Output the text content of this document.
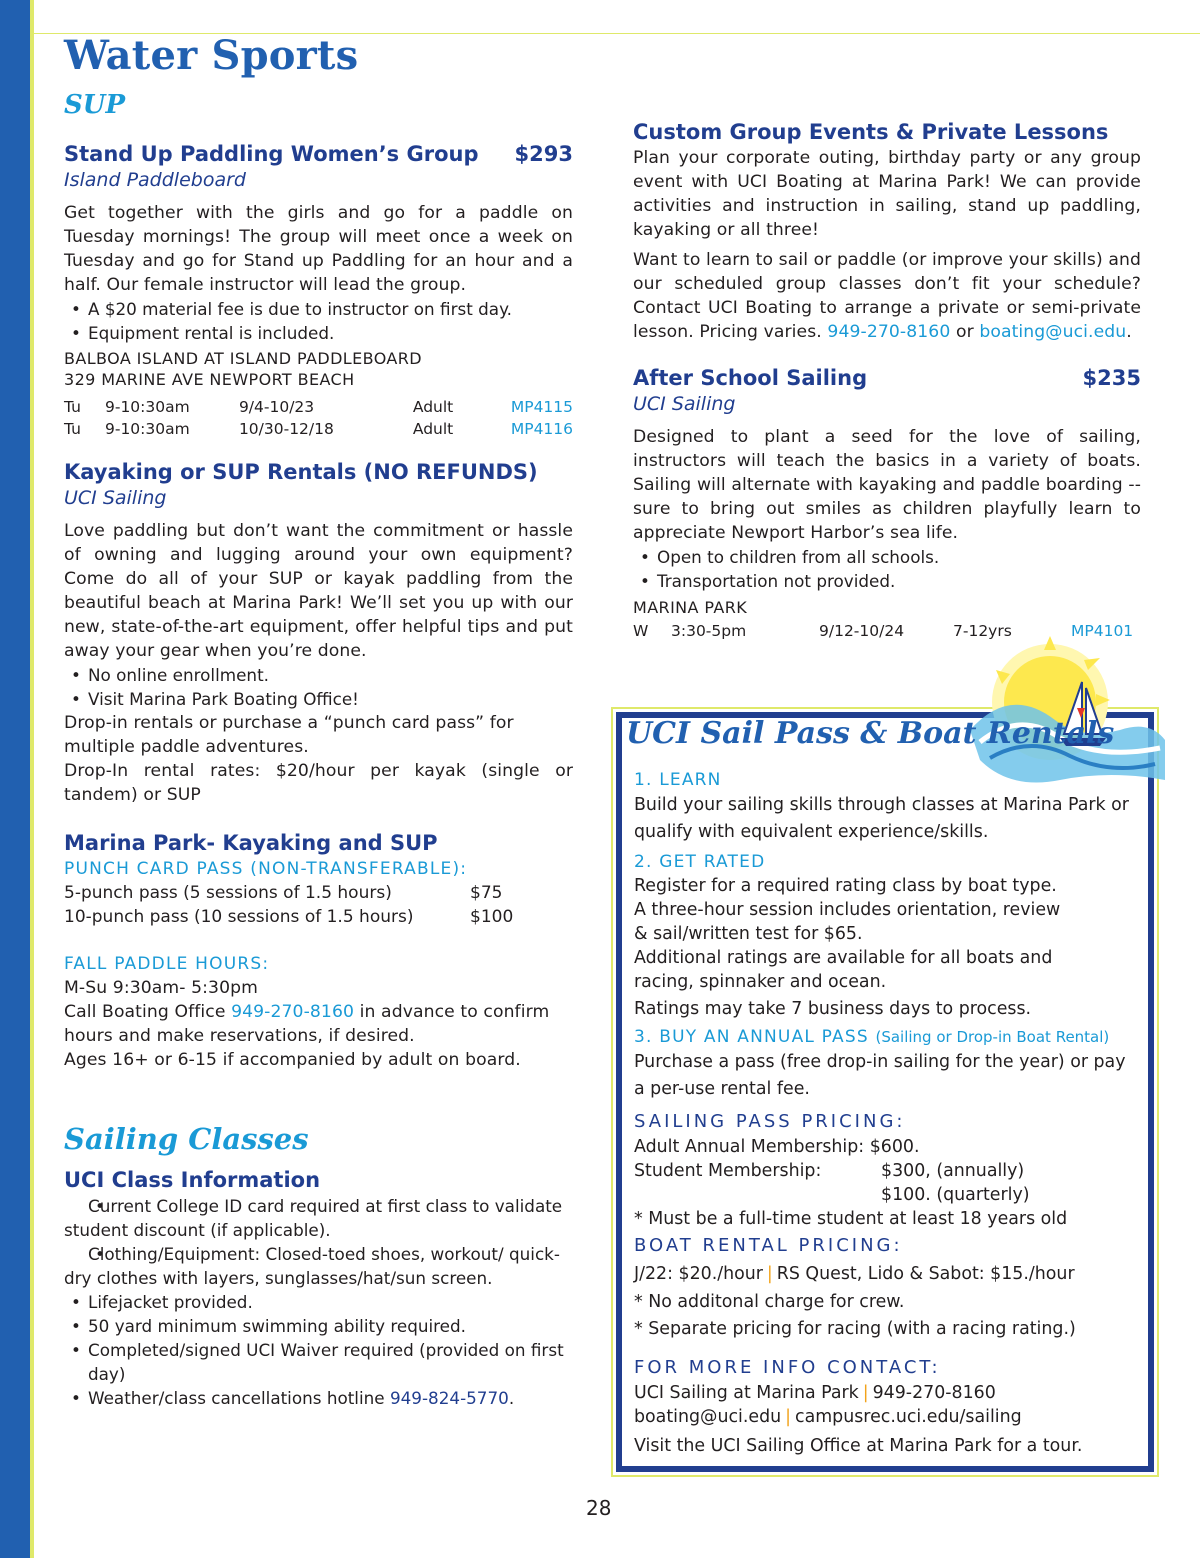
Water Sports
SUP
Stand Up Paddling Women’s Group $293
Island Paddleboard

Get together with the girls and go for a paddle on Tuesday mornings! The group will meet once a week on Tuesday and go for Stand up Paddling for an hour and a half. Our female instructor will lead the group.

• A $20 material fee is due to instructor on first day.
• Equipment rental is included.
BALBOA ISLAND AT ISLAND PADDLEBOARD
329 MARINE AVE NEWPORT BEACH
Tu	9-10:30am	9/4-10/23	Adult	MP4115
Tu	9-10:30am	10/30-12/18	Adult	MP4116
Kayaking or SUP Rentals (NO REFUNDS)
UCI Sailing

Love paddling but don’t want the commitment or hassle of owning and lugging around your own equipment? Come do all of your SUP or kayak paddling from the beautiful beach at Marina Park! We’ll set you up with our new, state-of-the-art equipment, offer helpful tips and put away your gear when you’re done.

• No online enrollment.
• Visit Marina Park Boating Office!

Drop-in rentals or purchase a “punch card pass” for multiple paddle adventures.

Drop-In rental rates: $20/hour per kayak (single or tandem) or SUP

Marina Park- Kayaking and SUP
PUNCH CARD PASS (NON-TRANSFERABLE):
5-punch pass (5 sessions of 1.5 hours)	$75
10-punch pass (10 sessions of 1.5 hours)	$100
FALL PADDLE HOURS:
M-Su 9:30am- 5:30pm

Call Boating Office 949-270-8160 in advance to confirm hours and make reservations, if desired.

Ages 16+ or 6-15 if accompanied by adult on board.

Sailing Classes
UCI Class Information
• Current College ID card required at first class to validate student discount (if applicable).
• Clothing/Equipment: Closed-toed shoes, workout/ quick-dry clothes with layers, sunglasses/hat/sun screen.
• Lifejacket provided.
• 50 yard minimum swimming ability required.
• Completed/signed UCI Waiver required (provided on first day)
• Weather/class cancellations hotline 949-824-5770.
Custom Group Events & Private Lessons

Plan your corporate outing, birthday party or any group event with UCI Boating at Marina Park! We can provide activities and instruction in sailing, stand up paddling, kayaking or all three!

Want to learn to sail or paddle (or improve your skills) and our scheduled group classes don’t fit your schedule? Contact UCI Boating to arrange a private or semi-private lesson. Pricing varies. 949-270-8160 or boating@uci.edu.

After School Sailing	$235
UCI Sailing

Designed to plant a seed for the love of sailing, instructors will teach the basics in a variety of boats. Sailing will alternate with kayaking and paddle boarding -- sure to bring out smiles as children playfully learn to appreciate Newport Harbor’s sea life.

• Open to children from all schools.
• Transportation not provided.
MARINA PARK
W	3:30-5pm	9/12-10/24	7-12yrs	MP4101
UCI Sail Pass & Boat Rentals
1. LEARN

Build your sailing skills through classes at Marina Park or qualify with equivalent experience/skills.

2. GET RATED
Register for a required rating class by boat type.
A three-hour session includes orientation, review
& sail/written test for $65.
Additional ratings are available for all boats and
racing, spinnaker and ocean.
Ratings may take 7 business days to process.
3. BUY AN ANNUAL PASS (Sailing or Drop-in Boat Rental)

Purchase a pass (free drop-in sailing for the year) or pay a per-use rental fee.

SAILING PASS PRICING:
Adult Annual Membership: $600.
Student Membership:	$300, (annually)
$100. (quarterly)
* Must be a full-time student at least 18 years old
BOAT RENTAL PRICING:
J/22: $20./hour | RS Quest, Lido & Sabot: $15./hour
* No additonal charge for crew.
* Separate pricing for racing (with a racing rating.)
FOR MORE INFO CONTACT:
UCI Sailing at Marina Park | 949-270-8160
boating@uci.edu | campusrec.uci.edu/sailing
Visit the UCI Sailing Office at Marina Park for a tour.
28
